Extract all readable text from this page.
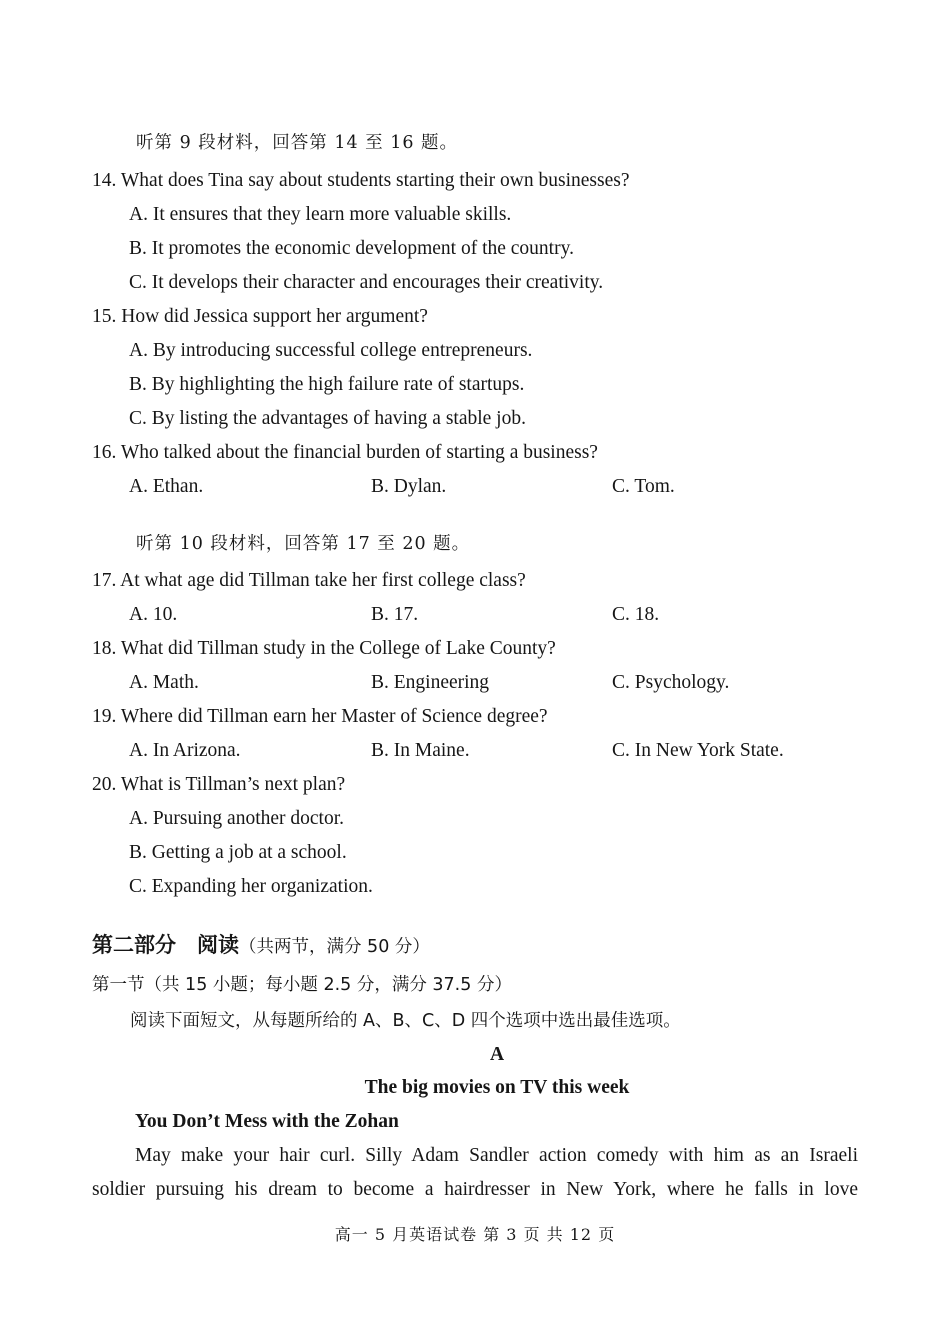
听第 9 段材料，回答第 14 至 16 题。
14. What does Tina say about students starting their own businesses?
A. It ensures that they learn more valuable skills.
B. It promotes the economic development of the country.
C. It develops their character and encourages their creativity.
15. How did Jessica support her argument?
A. By introducing successful college entrepreneurs.
B. By highlighting the high failure rate of startups.
C. By listing the advantages of having a stable job.
16. Who talked about the financial burden of starting a business?
A. Ethan.	B. Dylan.	C. Tom.
听第 10 段材料，回答第 17 至 20 题。
17. At what age did Tillman take her first college class?
A. 10.	B. 17.	C. 18.
18. What did Tillman study in the College of Lake County?
A. Math.	B. Engineering	C. Psychology.
19. Where did Tillman earn her Master of Science degree?
A. In Arizona.	B. In Maine.	C. In New York State.
20. What is Tillman’s next plan?
A. Pursuing another doctor.
B. Getting a job at a school.
C. Expanding her organization.
第二部分　阅读（共两节，满分 50 分）
第一节（共 15 小题；每小题 2.5 分，满分 37.5 分）
阅读下面短文，从每题所给的 A、B、C、D 四个选项中选出最佳选项。
A
The big movies on TV this week
You Don’t Mess with the Zohan
May make your hair curl. Silly Adam Sandler action comedy with him as an Israeli
soldier pursuing his dream to become a hairdresser in New York, where he falls in love
高一 5 月英语试卷 第 3 页 共 12 页
